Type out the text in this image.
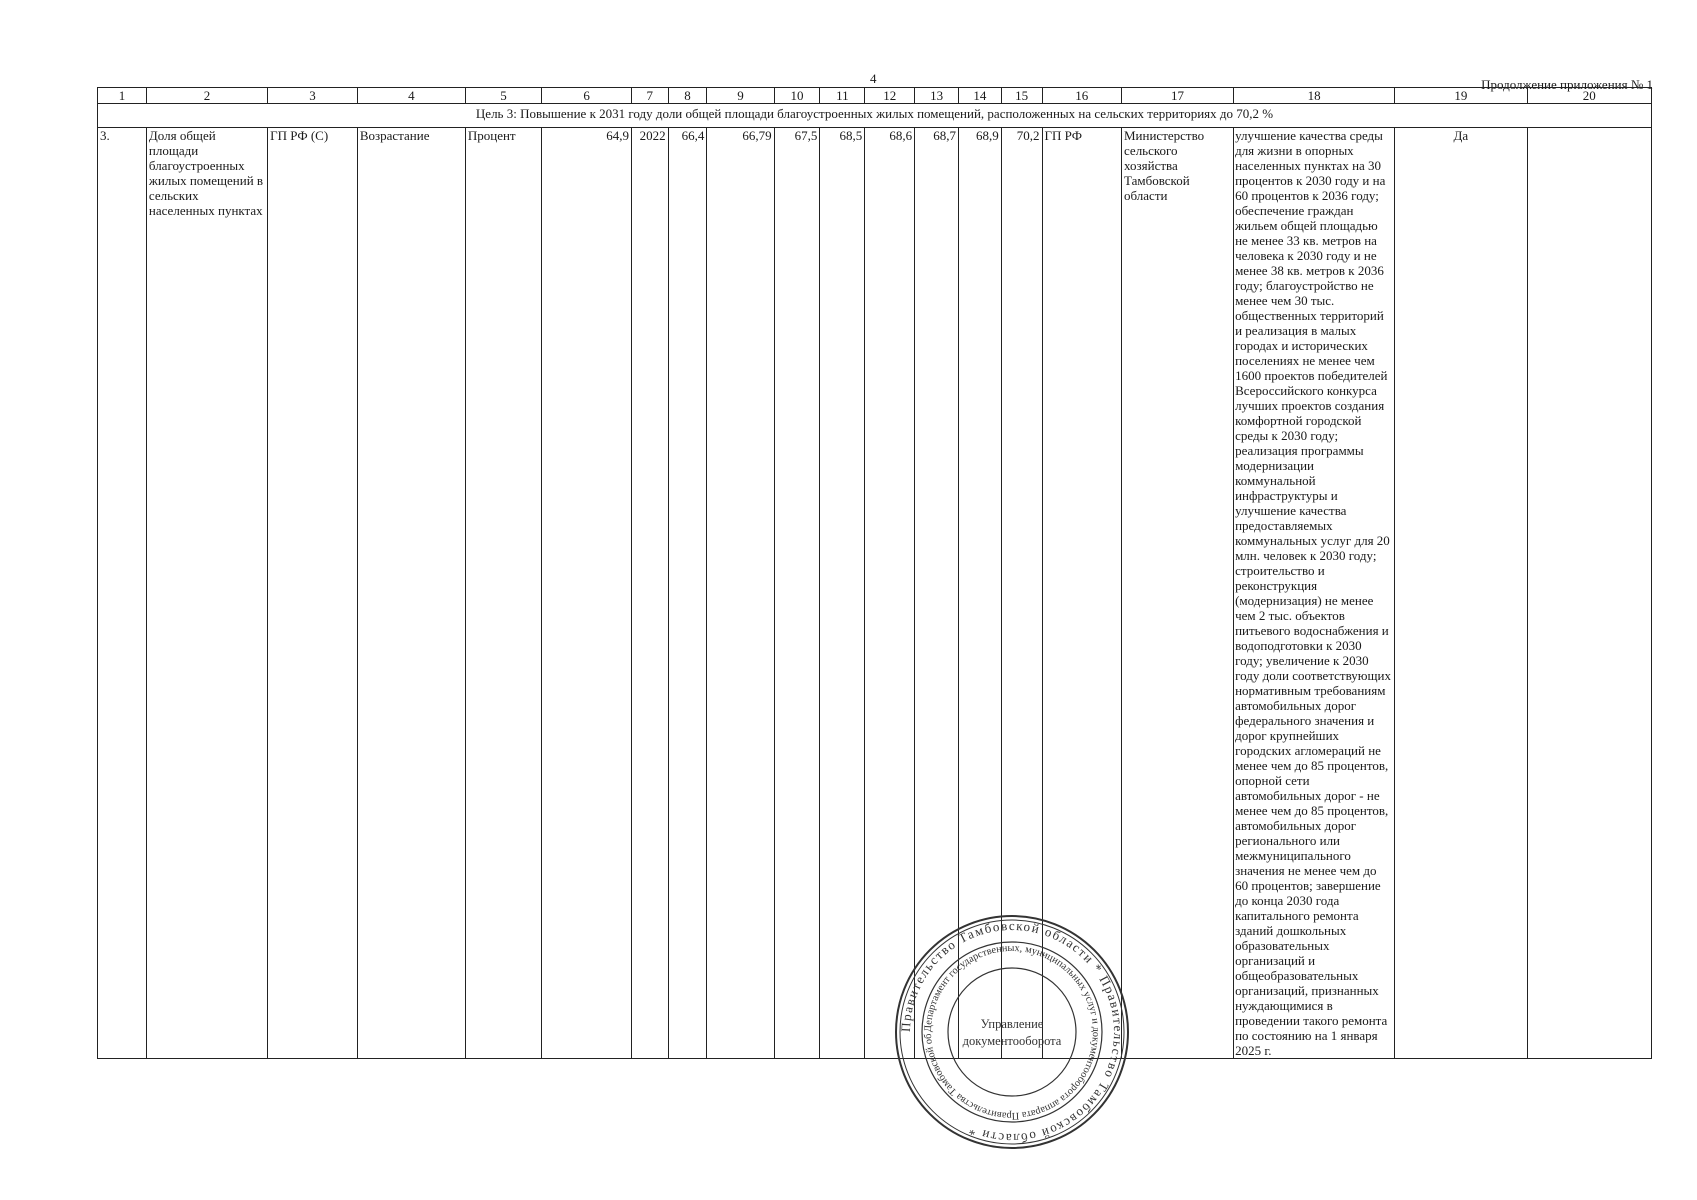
4	Продолжение приложения № 1
1	2	3	4	5	6	7	8	9	10	11	12	13	14	15	16	17	18	19	20
Цель 3: Повышение к 2031 году доли общей площади благоустроенных жилых помещений, расположенных на сельских территориях до 70,2 %																			
3.	Доля общей площади благоустроенных жилых помещений в сельских населенных пунктах	ГП РФ (С)	Возрастание	Процент	64,9	2022	66,4	66,79	67,5	68,5	68,6	68,7	68,9	70,2	ГП РФ	Министерство сельского хозяйства Тамбовской области	улучшение качества среды для жизни в опорных населенных пунктах на 30 процентов к 2030 году и на 60 процентов к 2036 году; обеспечение граждан жильем общей площадью не менее 33 кв. метров на человека к 2030 году и не менее 38 кв. метров к 2036 году; благоустройство не менее чем 30 тыс. общественных территорий и реализация в малых городах и исторических поселениях не менее чем 1600 проектов победителей Всероссийского конкурса лучших проектов создания комфортной городской среды к 2030 году; реализация программы модернизации коммунальной инфраструктуры и улучшение качества предоставляемых коммунальных услуг для 20 млн. человек к 2030 году; строительство и реконструкция (модернизация) не менее чем 2 тыс. объектов питьевого водоснабжения и водоподготовки к 2030 году; увеличение к 2030 году доли соответствующих нормативным требованиям автомобильных дорог федерального значения и дорог крупнейших городских агломераций не менее чем до 85 процентов, опорной сети автомобильных дорог - не менее чем до 85 процентов, автомобильных дорог регионального или межмуниципального значения не менее чем до 60 процентов; завершение до конца 2030 года капитального ремонта зданий дошкольных образовательных организаций и общеобразовательных организаций, признанных нуждающимися в проведении такого ремонта по состоянию на 1 января 2025 г.	Да	
Правительство Тамбовской области * Правительство Тамбовской области *
Департамент государственных, муниципальных услуг и документооборота аппарата Правительства Тамбовской об
Управление
документооборота
